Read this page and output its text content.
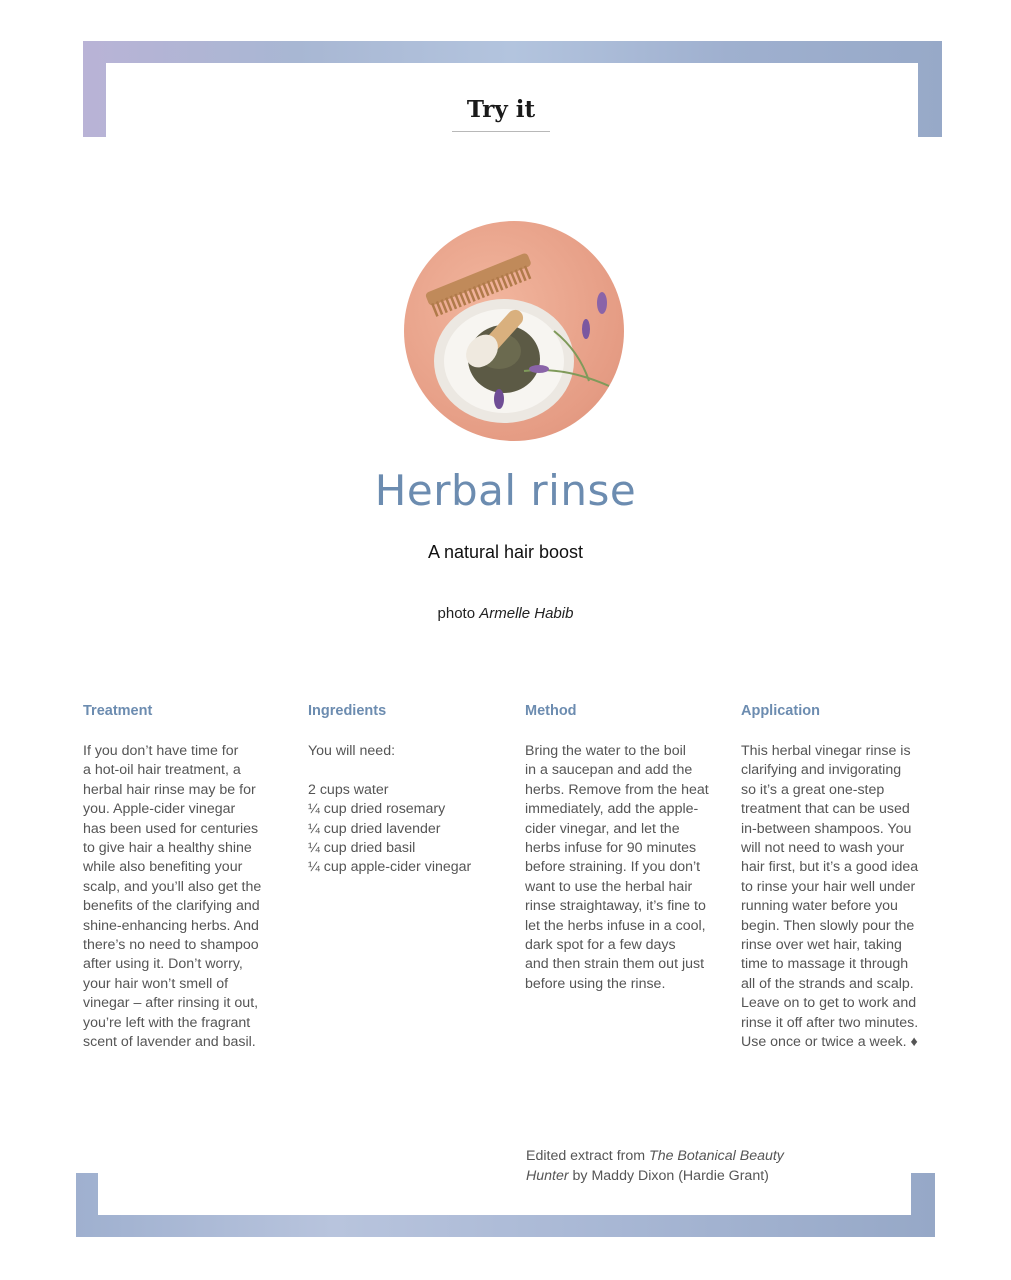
Try it
Herbal rinse
A natural hair boost
photo Armelle Habib
Treatment

If you don’t have time for
a hot-oil hair treatment, a
herbal hair rinse may be for
you. Apple-cider vinegar
has been used for centuries
to give hair a healthy shine
while also benefiting your
scalp, and you’ll also get the
benefits of the clarifying and
shine-enhancing herbs. And
there’s no need to shampoo
after using it. Don’t worry,
your hair won’t smell of
vinegar – after rinsing it out,
you’re left with the fragrant
scent of lavender and basil.

Ingredients
You will need:
2 cups water
¼ cup dried rosemary
¼ cup dried lavender
¼ cup dried basil
¼ cup apple-cider vinegar
Method

Bring the water to the boil
in a saucepan and add the
herbs. Remove from the heat
immediately, add the apple-
cider vinegar, and let the
herbs infuse for 90 minutes
before straining. If you don’t
want to use the herbal hair
rinse straightaway, it’s fine to
let the herbs infuse in a cool,
dark spot for a few days
and then strain them out just
before using the rinse.

Application

This herbal vinegar rinse is
clarifying and invigorating
so it’s a great one-step
treatment that can be used
in-between shampoos. You
will not need to wash your
hair first, but it’s a good idea
to rinse your hair well under
running water before you
begin. Then slowly pour the
rinse over wet hair, taking
time to massage it through
all of the strands and scalp.
Leave on to get to work and
rinse it off after two minutes.
Use once or twice a week. ♦

Edited extract from The Botanical Beauty
Hunter by Maddy Dixon (Hardie Grant)
